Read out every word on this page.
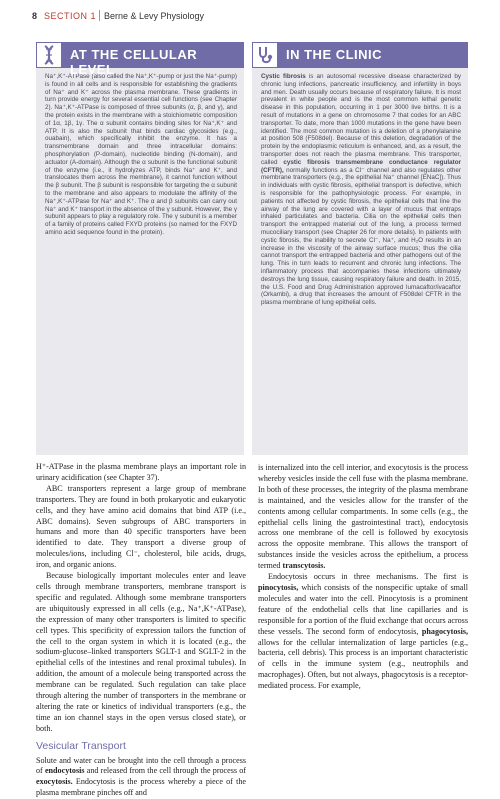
8 SECTION 1 Berne & Levy Physiology
AT THE CELLULAR LEVEL

Na⁺,K⁺-ATPase (also called the Na⁺,K⁺-pump or just the Na⁺-pump) is found in all cells and is responsible for establishing the gradients of Na⁺ and K⁺ across the plasma membrane. These gradients in turn provide energy for several essential cell functions (see Chapter 2). Na⁺,K⁺-ATPase is composed of three subunits (α, β, and γ), and the protein exists in the membrane with a stoichiometric composition of 1α, 1β, 1γ. The α subunit contains binding sites for Na⁺,K⁺ and ATP. It is also the subunit that binds cardiac glycosides (e.g., ouabain), which specifically inhibit the enzyme. It has a transmembrane domain and three intracellular domains: phosphorylation (P-domain), nucleotide binding (N-domain), and actuator (A-domain). Although the α subunit is the functional subunit of the enzyme (i.e., it hydrolyzes ATP, binds Na⁺ and K⁺, and translocates them across the membrane), it cannot function without the β subunit. The β subunit is responsible for targeting the α subunit to the membrane and also appears to modulate the affinity of the Na⁺,K⁺-ATPase for Na⁺ and K⁺. The α and β subunits can carry out Na⁺ and K⁺ transport in the absence of the γ subunit. However, the γ subunit appears to play a regulatory role. The γ subunit is a member of a family of proteins called FXYD proteins (so named for the FXYD amino acid sequence found in the protein).

IN THE CLINIC

Cystic fibrosis is an autosomal recessive disease characterized by chronic lung infections, pancreatic insufficiency, and infertility in boys and men. Death usually occurs because of respiratory failure. It is most prevalent in white people and is the most common lethal genetic disease in this population, occurring in 1 per 3000 live births. It is a result of mutations in a gene on chromosome 7 that codes for an ABC transporter. To date, more than 1000 mutations in the gene have been identified. The most common mutation is a deletion of a phenylalanine at position 508 (F508del). Because of this deletion, degradation of the protein by the endoplasmic reticulum is enhanced, and, as a result, the transporter does not reach the plasma membrane. This transporter, called cystic fibrosis transmembrane conductance regulator (CFTR), normally functions as a Cl⁻ channel and also regulates other membrane transporters (e.g., the epithelial Na⁺ channel [ENaC]). Thus in individuals with cystic fibrosis, epithelial transport is defective, which is responsible for the pathophysiologic process. For example, in patients not affected by cystic fibrosis, the epithelial cells that line the airway of the lung are covered with a layer of mucus that entraps inhaled particulates and bacteria. Cilia on the epithelial cells then transport the entrapped material out of the lung, a process termed mucociliary transport (see Chapter 26 for more details). In patients with cystic fibrosis, the inability to secrete Cl⁻, Na⁺, and H₂O results in an increase in the viscosity of the airway surface mucus; thus the cilia cannot transport the entrapped bacteria and other pathogens out of the lung. This in turn leads to recurrent and chronic lung infections. The inflammatory process that accompanies these infections ultimately destroys the lung tissue, causing respiratory failure and death. In 2015, the U.S. Food and Drug Administration approved lumacaftor/ivacaftor (Orkambi), a drug that increases the amount of F508del CFTR in the plasma membrane of lung epithelial cells.

H⁺-ATPase in the plasma membrane plays an important role in urinary acidification (see Chapter 37).

ABC transporters represent a large group of membrane transporters. They are found in both prokaryotic and eukaryotic cells, and they have amino acid domains that bind ATP (i.e., ABC domains). Seven subgroups of ABC transporters in humans and more than 40 specific transporters have been identified to date. They transport a diverse group of molecules/ions, including Cl⁻, cholesterol, bile acids, drugs, iron, and organic anions.

Because biologically important molecules enter and leave cells through membrane transporters, membrane transport is specific and regulated. Although some membrane transporters are ubiquitously expressed in all cells (e.g., Na⁺,K⁺-ATPase), the expression of many other transporters is limited to specific cell types. This specificity of expression tailors the function of the cell to the organ system in which it is located (e.g., the sodium-glucose–linked transporters SGLT-1 and SGLT-2 in the epithelial cells of the intestines and renal proximal tubules). In addition, the amount of a molecule being transported across the membrane can be regulated. Such regulation can take place through altering the number of transporters in the membrane or altering the rate or kinetics of individual transporters (e.g., the time an ion channel stays in the open versus closed state), or both.

Vesicular Transport

Solute and water can be brought into the cell through a process of endocytosis and released from the cell through the process of exocytosis. Endocytosis is the process whereby a piece of the plasma membrane pinches off and

is internalized into the cell interior, and exocytosis is the process whereby vesicles inside the cell fuse with the plasma membrane. In both of these processes, the integrity of the plasma membrane is maintained, and the vesicles allow for the transfer of the contents among cellular compartments. In some cells (e.g., the epithelial cells lining the gastrointestinal tract), endocytosis across one membrane of the cell is followed by exocytosis across the opposite membrane. This allows the transport of substances inside the vesicles across the epithelium, a process termed transcytosis.

Endocytosis occurs in three mechanisms. The first is pinocytosis, which consists of the nonspecific uptake of small molecules and water into the cell. Pinocytosis is a prominent feature of the endothelial cells that line capillaries and is responsible for a portion of the fluid exchange that occurs across these vessels. The second form of endocytosis, phagocytosis, allows for the cellular internalization of large particles (e.g., bacteria, cell debris). This process is an important characteristic of cells in the immune system (e.g., neutrophils and macrophages). Often, but not always, phagocytosis is a receptor-mediated process. For example,
